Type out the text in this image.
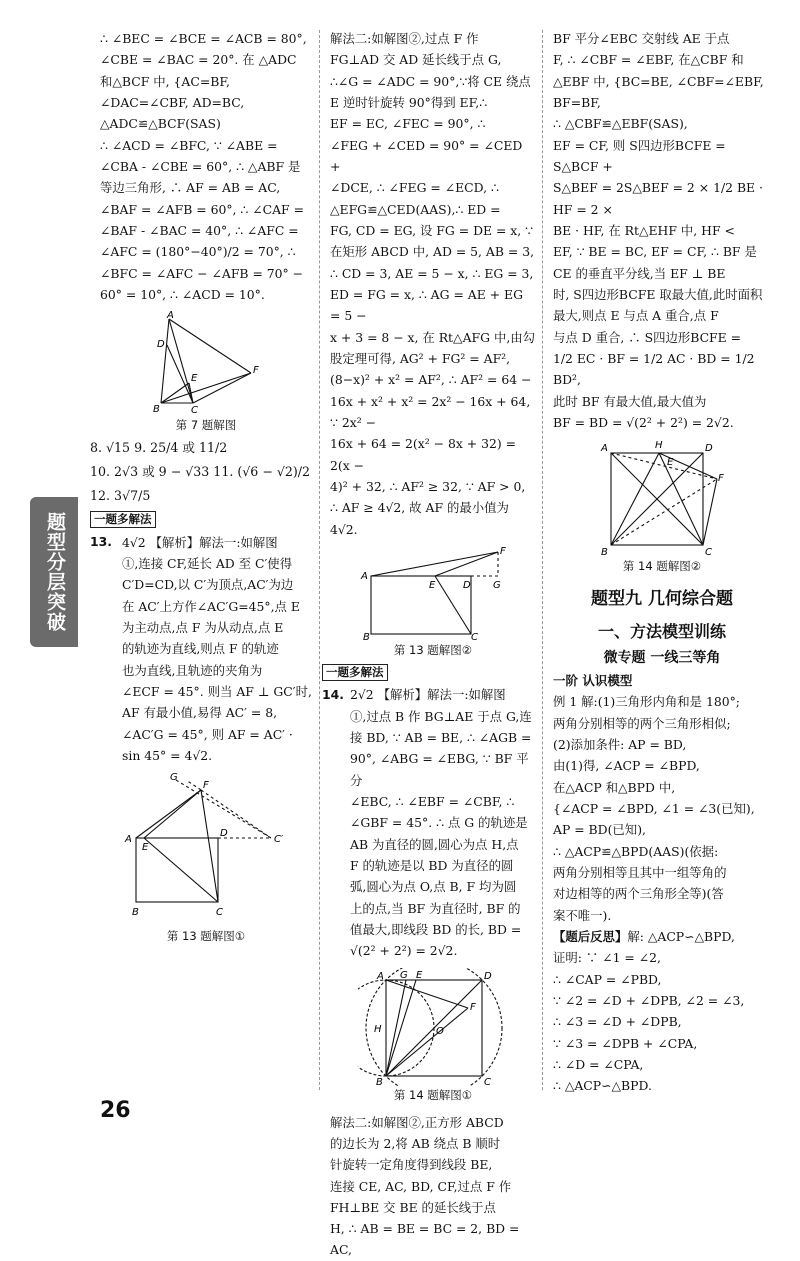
题型分层突破

∴ ∠BEC = ∠BCE = ∠ACB = 80°,

∠CBE = ∠BAC = 20°. 在 △ADC

和△BCF 中, {AC=BF, ∠DAC=∠CBF, AD=BC,

△ADC≌△BCF(SAS)

∴ ∠ACD = ∠BFC, ∵ ∠ABE =

∠CBA - ∠CBE = 60°, ∴ △ABF 是

等边三角形, ∴ AF = AB = AC,

∠BAF = ∠AFB = 60°, ∴ ∠CAF =

∠BAF - ∠BAC = 40°, ∴ ∠AFC =

∠AFC = (180°−40°)/2 = 70°, ∴

∠BFC = ∠AFC − ∠AFB = 70° −

60° = 10°, ∴ ∠ACD = 10°.

A
D
E
F
B	C
第 7 题解图

8. √15 9. 25/4 或 11/2

10. 2√3 或 9 − √33 11. (√6 − √2)/2

12. 3√7/5

一题多解法
13. 4√2 【解析】解法一:如解图

①,连接 CF,延长 AD 至 C′使得

C′D=CD,以 C′为顶点,AC′为边

在 AC′上方作∠AC′G=45°,点 E

为主动点,点 F 为从动点,点 E

的轨迹为直线,则点 F 的轨迹

也为直线,且轨迹的夹角为

∠ECF = 45°. 则当 AF ⊥ GC′时,

AF 有最小值,易得 AC′ = 8,

∠AC′G = 45°, 则 AF = AC′ ·

sin 45° = 4√2.

G
F
A
E
D
C′
B	C
第 13 题解图①

解法二:如解图②,过点 F 作

FG⊥AD 交 AD 延长线于点 G,

∴∠G = ∠ADC = 90°,∵将 CE 绕点

E 逆时针旋转 90°得到 EF,∴

EF = EC, ∠FEC = 90°, ∴

∠FEG + ∠CED = 90° = ∠CED +

∠DCE, ∴ ∠FEG = ∠ECD, ∴

△EFG≌△CED(AAS),∴ ED =

FG, CD = EG, 设 FG = DE = x, ∵

在矩形 ABCD 中, AD = 5, AB = 3,

∴ CD = 3, AE = 5 − x, ∴ EG = 3,

ED = FG = x, ∴ AG = AE + EG = 5 −

x + 3 = 8 − x, 在 Rt△AFG 中,由勾

股定理可得, AG² + FG² = AF²,

(8−x)² + x² = AF², ∴ AF² = 64 −

16x + x² + x² = 2x² − 16x + 64, ∵ 2x² −

16x + 64 = 2(x² − 8x + 32) = 2(x −

4)² + 32, ∴ AF² ≥ 32, ∵ AF > 0,

∴ AF ≥ 4√2, 故 AF 的最小值为

4√2.

A
E	D G
F
B	C
第 13 题解图②
一题多解法
14. 2√2 【解析】解法一:如解图

①,过点 B 作 BG⊥AE 于点 G,连

接 BD, ∵ AB = BE, ∴ ∠AGB =

90°, ∠ABG = ∠EBG, ∵ BF 平分

∠EBC, ∴ ∠EBF = ∠CBF, ∴

∠GBF = 45°. ∴ 点 G 的轨迹是

AB 为直径的圆,圆心为点 H,点

F 的轨迹是以 BD 为直径的圆

弧,圆心为点 O,点 B, F 均为圆

上的点,当 BF 为直径时, BF 的

值最大,即线段 BD 的长, BD =

√(2² + 2²) = 2√2.

A G E	D
H	O
F
B	C
第 14 题解图①

解法二:如解图②,正方形 ABCD

的边长为 2,将 AB 绕点 B 顺时

针旋转一定角度得到线段 BE,

连接 CE, AC, BD, CF,过点 F 作

FH⊥BE 交 BE 的延长线于点

H, ∴ AB = BE = BC = 2, BD = AC,

BF 平分∠EBC 交射线 AE 于点

F, ∴ ∠CBF = ∠EBF, 在△CBF 和

△EBF 中, {BC=BE, ∠CBF=∠EBF, BF=BF,

∴ △CBF≌△EBF(SAS),

EF = CF, 则 S四边形BCFE = S△BCF +

S△BEF = 2S△BEF = 2 × 1/2 BE · HF = 2 ×

BE · HF, 在 Rt△EHF 中, HF <

EF, ∵ BE = BC, EF = CF, ∴ BF 是

CE 的垂直平分线,当 EF ⊥ BE

时, S四边形BCFE 取最大值,此时面积

最大,则点 E 与点 A 重合,点 F

与点 D 重合, ∴ S四边形BCFE =

1/2 EC · BF = 1/2 AC · BD = 1/2 BD²,

此时 BF 有最大值,最大值为

BF = BD = √(2² + 2²) = 2√2.

A	H	D
E
F
B	C
第 14 题解图②
题型九 几何综合题
一、方法模型训练
微专题 一线三等角
一阶 认识模型

例 1 解:(1)三角形内角和是 180°;

两角分别相等的两个三角形相似;

(2)添加条件: AP = BD,

由(1)得, ∠ACP = ∠BPD,

在△ACP 和△BPD 中,

{∠ACP = ∠BPD, ∠1 = ∠3(已知), AP = BD(已知),

∴ △ACP≌△BPD(AAS)(依据:

两角分别相等且其中一组等角的

对边相等的两个三角形全等)(答

案不唯一).

【题后反思】解: △ACP∽△BPD,

证明: ∵ ∠1 = ∠2,

∴ ∠CAP = ∠PBD,

∵ ∠2 = ∠D + ∠DPB, ∠2 = ∠3,

∴ ∠3 = ∠D + ∠DPB,

∵ ∠3 = ∠DPB + ∠CPA,

∴ ∠D = ∠CPA,

∴ △ACP∽△BPD.

26
